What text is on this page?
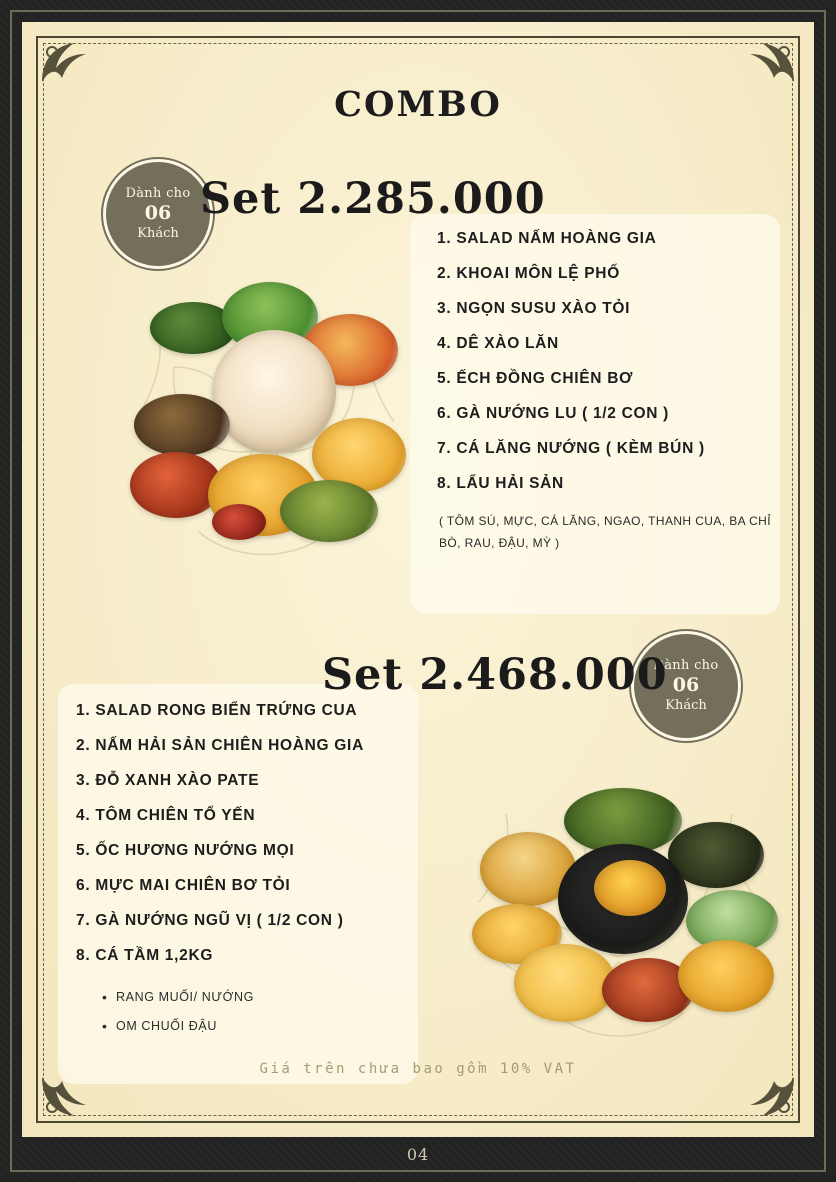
COMBO
Dành cho
06
Khách
Set 2.285.000
1. SALAD NẤM HOÀNG GIA
2. KHOAI MÔN LỆ PHỐ
3. NGỌN SUSU XÀO TỎI
4. DÊ XÀO LĂN
5. ẾCH ĐỒNG CHIÊN BƠ
6. GÀ NƯỚNG LU ( 1/2 CON )
7. CÁ LĂNG NƯỚNG ( KÈM BÚN )
8. LẨU HẢI SẢN
( TÔM SÚ, MỰC, CÁ LĂNG, NGAO, THANH CUA, BA CHỈ BÒ, RAU, ĐẬU, MỲ )
Dành cho
06
Khách
Set 2.468.000
1. SALAD RONG BIỂN TRỨNG CUA
2. NẤM HẢI SẢN CHIÊN HOÀNG GIA
3. ĐỖ XANH XÀO PATE
4. TÔM CHIÊN TỔ YẾN
5. ỐC HƯƠNG NƯỚNG MỌI
6. MỰC MAI CHIÊN BƠ TỎI
7. GÀ NƯỚNG NGŨ VỊ ( 1/2 CON )
8. CÁ TẦM 1,2KG
• RANG MUỐI/ NƯỚNG
• OM CHUỐI ĐẬU
Giá trên chưa bao gồm 10% VAT
04
